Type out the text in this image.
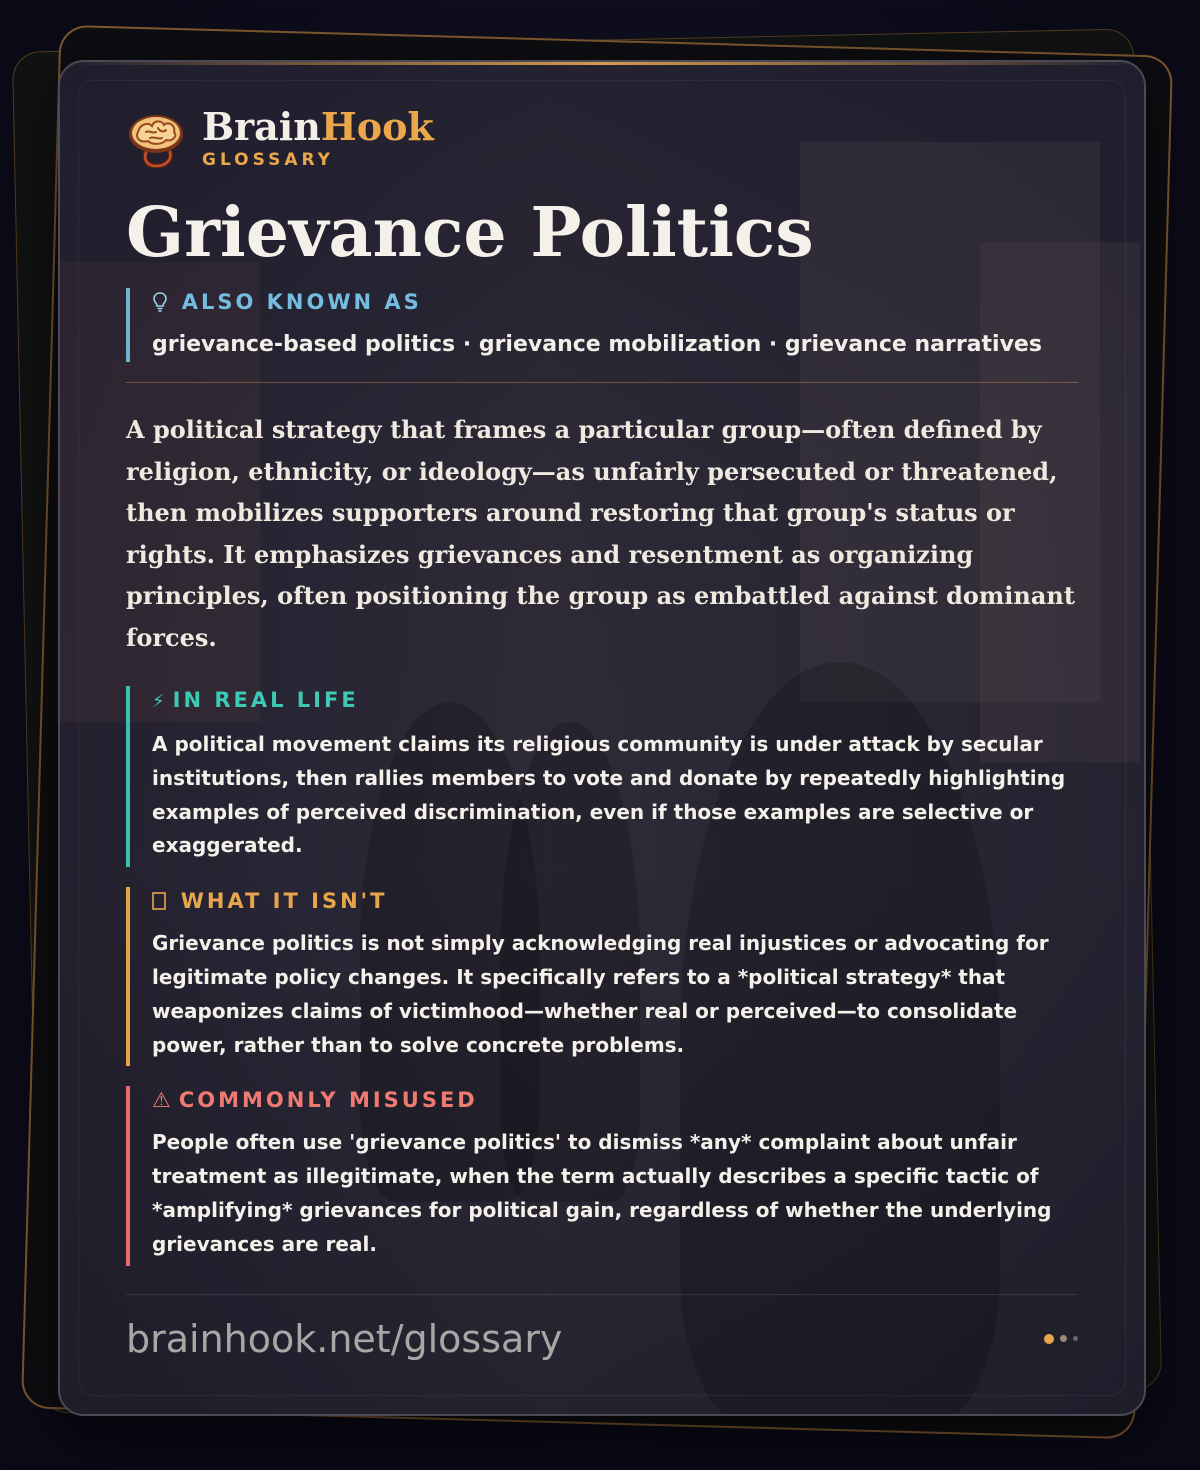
BrainHook
GLOSSARY
Grievance Politics
ALSO KNOWN AS
grievance-based politics · grievance mobilization · grievance narratives
A political strategy that frames a particular group—often defined by religion, ethnicity, or ideology—as unfairly persecuted or threatened, then mobilizes supporters around restoring that group's status or rights. It emphasizes grievances and resentment as organizing principles, often positioning the group as embattled against dominant forces.
⚡ IN REAL LIFE
A political movement claims its religious community is under attack by secular institutions, then rallies members to vote and donate by repeatedly highlighting examples of perceived discrimination, even if those examples are selective or exaggerated.
WHAT IT ISN'T
Grievance politics is not simply acknowledging real injustices or advocating for legitimate policy changes. It specifically refers to a *political strategy* that weaponizes claims of victimhood—whether real or perceived—to consolidate power, rather than to solve concrete problems.
⚠ COMMONLY MISUSED
People often use 'grievance politics' to dismiss *any* complaint about unfair treatment as illegitimate, when the term actually describes a specific tactic of *amplifying* grievances for political gain, regardless of whether the underlying grievances are real.
brainhook.net/glossary
